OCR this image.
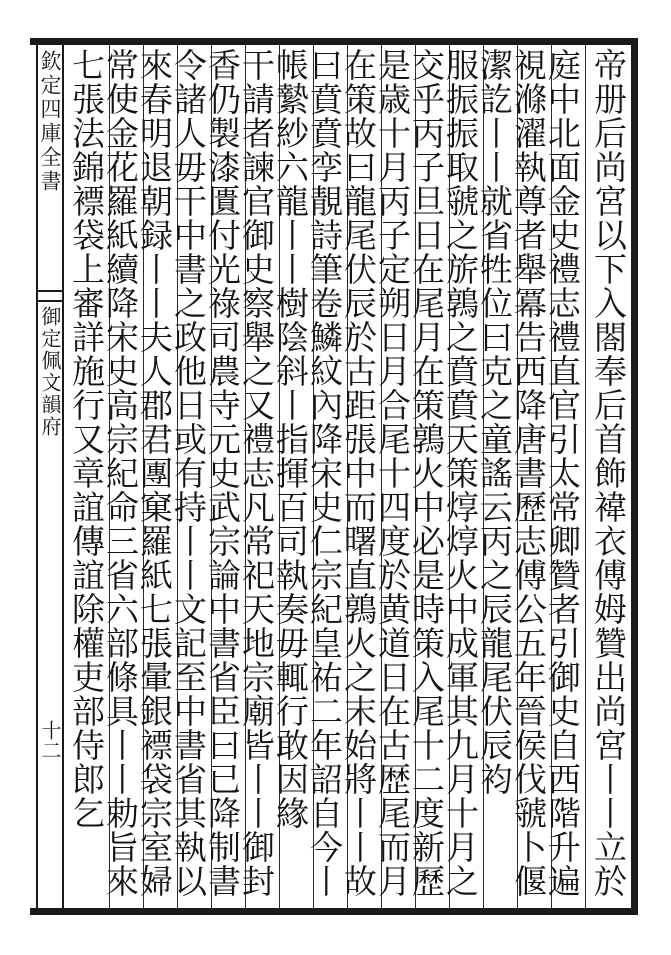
欽定四庫全書
御定佩文韻府
十二	帝册后尚宮以下入閤奉后首飾褘衣傅姆贊出尚宮丨丨立於
庭中北面金史禮志禮直官引太常卿贊者引御史自西階升遍
視滌濯執尊者舉冪告西降唐書歷志傅公五年晉侯伐虢卜偃
潔訖丨丨就省牲位曰克之童謠云丙之辰龍尾伏辰袀
服振振取虢之旂鶉之賁賁天策焞焞火中成軍其九月十月之
交乎丙子旦日在尾月在策鶉火中必是時策入尾十二度新歷
是歳十月丙子定朔日月合尾十四度於黄道日在古歴尾而月
在策故曰龍尾伏辰於古距張中而曙直鶉火之末始將丨丨故
曰賁賁孪靚詩筆卷鱗紋內降宋史仁宗紀皇祐二年詔自今丨
帳縶紗六龍丨丨樹陰斜丨指揮百司執奏毋輒行敢因緣
干請者諫官御史察舉之又禮志凡常祀天地宗廟皆丨丨御封
香仍製漆匱付光祿司農寺元史武宗論中書省臣曰已降制書
令諸人毋干中書之政他日或有持丨丨文記至中書省其執以
來春明退朝録丨丨夫人郡君團窠羅紙七張暈銀褾袋宗室婦
常使金花羅紙續降宋史高宗紀命三省六部條具丨丨勅旨來
七張法錦褾袋上審詳施行又章誼傳誼除權吏部侍郎乞
